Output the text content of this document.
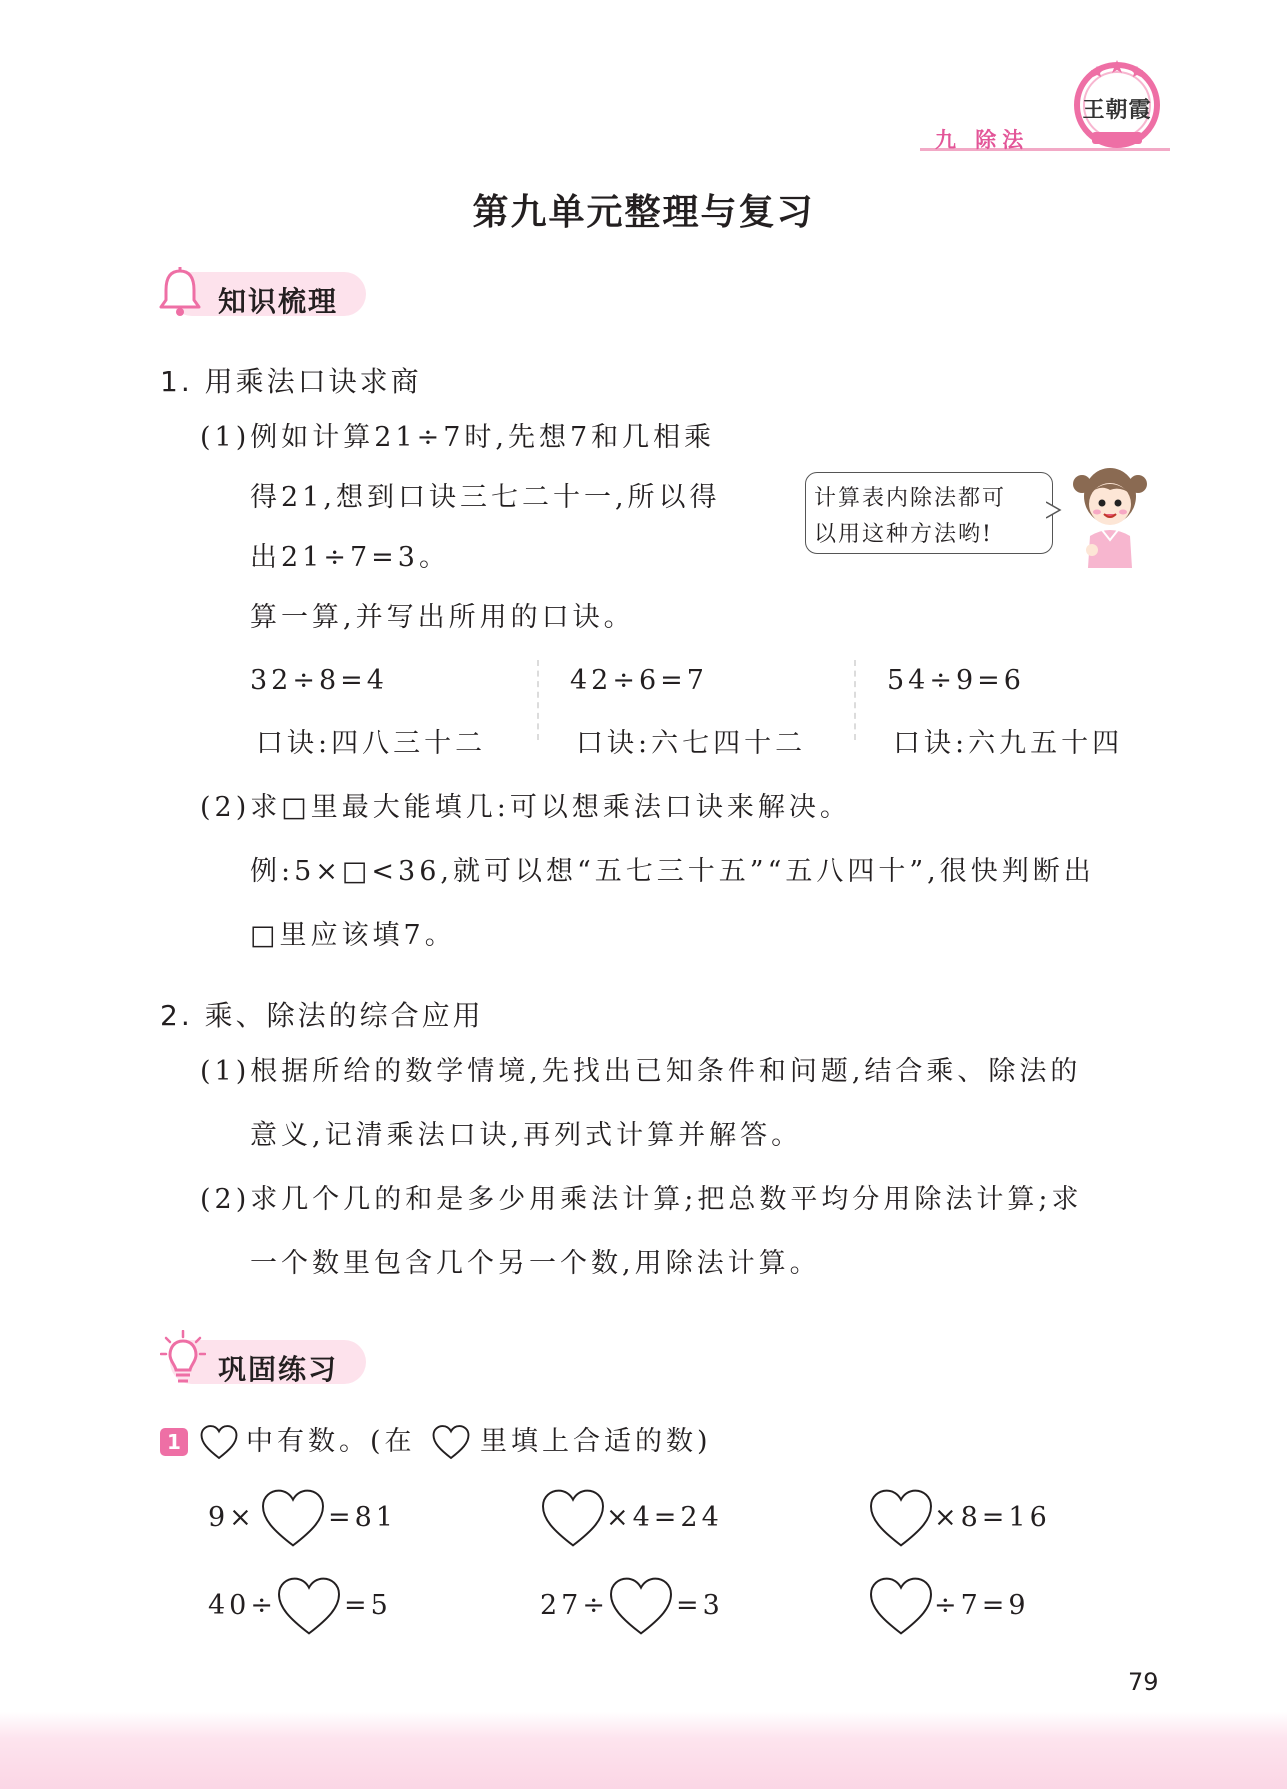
九 除法
王朝霞
第九单元整理与复习
知识梳理
1. 用乘法口诀求商
(1)例如计算21÷7时,先想7和几相乘
得21,想到口诀三七二十一,所以得
出21÷7=3。
算一算,并写出所用的口诀。
计算表内除法都可
以用这种方法哟!
32÷8=4
口诀:四八三十二
42÷6=7
口诀:六七四十二
54÷9=6
口诀:六九五十四
(2)求□里最大能填几:可以想乘法口诀来解决。
例:5×□<36,就可以想“五七三十五”“五八四十”,很快判断出
□里应该填7。
2. 乘、除法的综合应用
(1)根据所给的数学情境,先找出已知条件和问题,结合乘、除法的
意义,记清乘法口诀,再列式计算并解答。
(2)求几个几的和是多少用乘法计算;把总数平均分用除法计算;求
一个数里包含几个另一个数,用除法计算。
巩固练习
1 中有数。(在 里填上合适的数)
9×	=81	×4=24	×8=16
40÷ =5	27÷ =3	÷7=9
79
